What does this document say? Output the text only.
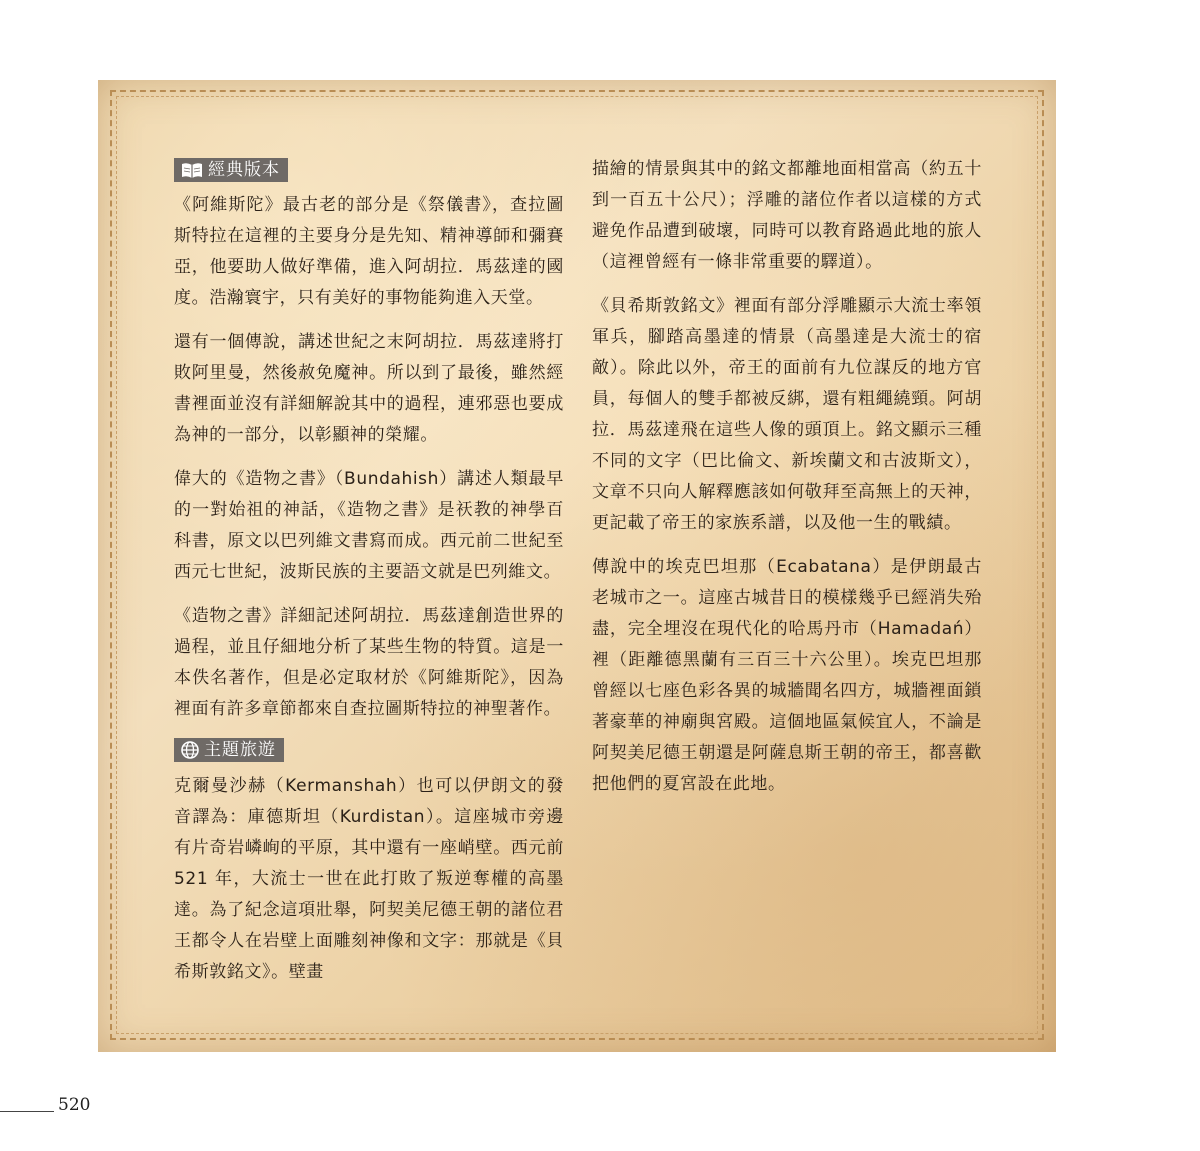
經典版本

《阿維斯陀》最古老的部分是《祭儀書》，查拉圖斯特拉在這裡的主要身分是先知、精神導師和彌賽亞，他要助人做好準備，進入阿胡拉．馬茲達的國度。浩瀚寰宇，只有美好的事物能夠進入天堂。

還有一個傳說，講述世紀之末阿胡拉．馬茲達將打敗阿里曼，然後赦免魔神。所以到了最後，雖然經書裡面並沒有詳細解說其中的過程，連邪惡也要成為神的一部分，以彰顯神的榮耀。

偉大的《造物之書》（Bundahish）講述人類最早的一對始祖的神話，《造物之書》是祆教的神學百科書，原文以巴列維文書寫而成。西元前二世紀至西元七世紀，波斯民族的主要語文就是巴列維文。

《造物之書》詳細記述阿胡拉．馬茲達創造世界的過程，並且仔細地分析了某些生物的特質。這是一本佚名著作，但是必定取材於《阿維斯陀》，因為裡面有許多章節都來自查拉圖斯特拉的神聖著作。

主題旅遊

克爾曼沙赫（Kermanshah）也可以伊朗文的發音譯為：庫德斯坦（Kurdistan）。這座城市旁邊有片奇岩嶙峋的平原，其中還有一座峭壁。西元前 521 年，大流士一世在此打敗了叛逆奪權的高墨達。為了紀念這項壯舉，阿契美尼德王朝的諸位君王都令人在岩壁上面雕刻神像和文字：那就是《貝希斯敦銘文》。壁畫

描繪的情景與其中的銘文都離地面相當高（約五十到一百五十公尺）；浮雕的諸位作者以這樣的方式避免作品遭到破壞，同時可以教育路過此地的旅人（這裡曾經有一條非常重要的驛道）。

《貝希斯敦銘文》裡面有部分浮雕顯示大流士率領軍兵，腳踏高墨達的情景（高墨達是大流士的宿敵）。除此以外，帝王的面前有九位謀反的地方官員，每個人的雙手都被反綁，還有粗繩繞頸。阿胡拉．馬茲達飛在這些人像的頭頂上。銘文顯示三種不同的文字（巴比倫文、新埃蘭文和古波斯文），文章不只向人解釋應該如何敬拜至高無上的天神，更記載了帝王的家族系譜，以及他一生的戰績。

傳說中的埃克巴坦那（Ecabatana）是伊朗最古老城市之一。這座古城昔日的模樣幾乎已經消失殆盡，完全埋沒在現代化的哈馬丹市（Hamadań）裡（距離德黑蘭有三百三十六公里）。埃克巴坦那曾經以七座色彩各異的城牆聞名四方，城牆裡面鎖著豪華的神廟與宮殿。這個地區氣候宜人，不論是阿契美尼德王朝還是阿薩息斯王朝的帝王，都喜歡把他們的夏宮設在此地。

520
